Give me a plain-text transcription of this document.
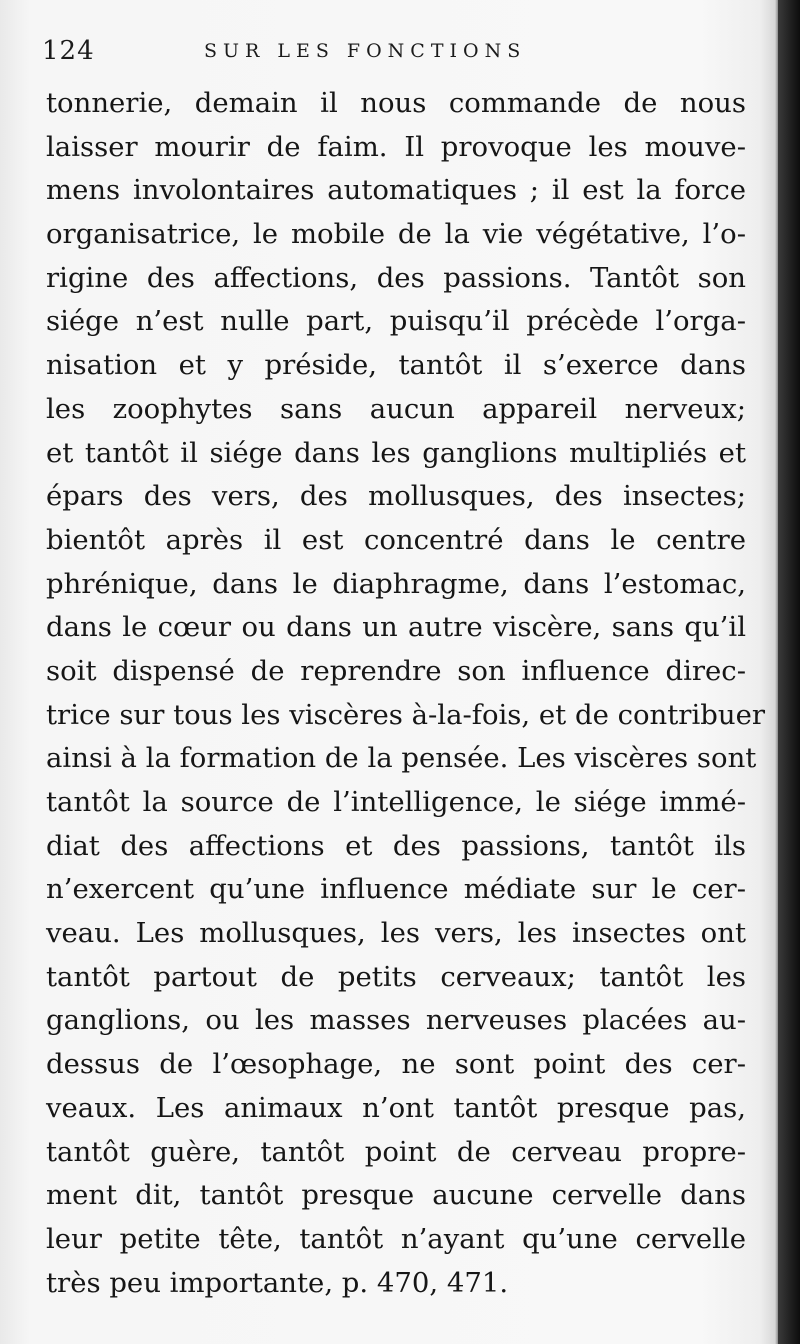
124	SUR LES FONCTIONS
tonnerie, demain il nous commande de nous
laisser mourir de faim. Il provoque les mouve-
mens involontaires automatiques ; il est la force
organisatrice, le mobile de la vie végétative, l’o-
rigine des affections, des passions. Tantôt son
siége n’est nulle part, puisqu’il précède l’orga-
nisation et y préside, tantôt il s’exerce dans
les zoophytes sans aucun appareil nerveux;
et tantôt il siége dans les ganglions multipliés et
épars des vers, des mollusques, des insectes;
bientôt après il est concentré dans le centre
phrénique, dans le diaphragme, dans l’estomac,
dans le cœur ou dans un autre viscère, sans qu’il
soit dispensé de reprendre son influence direc-
trice sur tous les viscères à-la-fois, et de contribuer
ainsi à la formation de la pensée. Les viscères sont
tantôt la source de l’intelligence, le siége immé-
diat des affections et des passions, tantôt ils
n’exercent qu’une influence médiate sur le cer-
veau. Les mollusques, les vers, les insectes ont
tantôt partout de petits cerveaux; tantôt les
ganglions, ou les masses nerveuses placées au-
dessus de l’œsophage, ne sont point des cer-
veaux. Les animaux n’ont tantôt presque pas,
tantôt guère, tantôt point de cerveau propre-
ment dit, tantôt presque aucune cervelle dans
leur petite tête, tantôt n’ayant qu’une cervelle
très peu importante, p. 470, 471.
